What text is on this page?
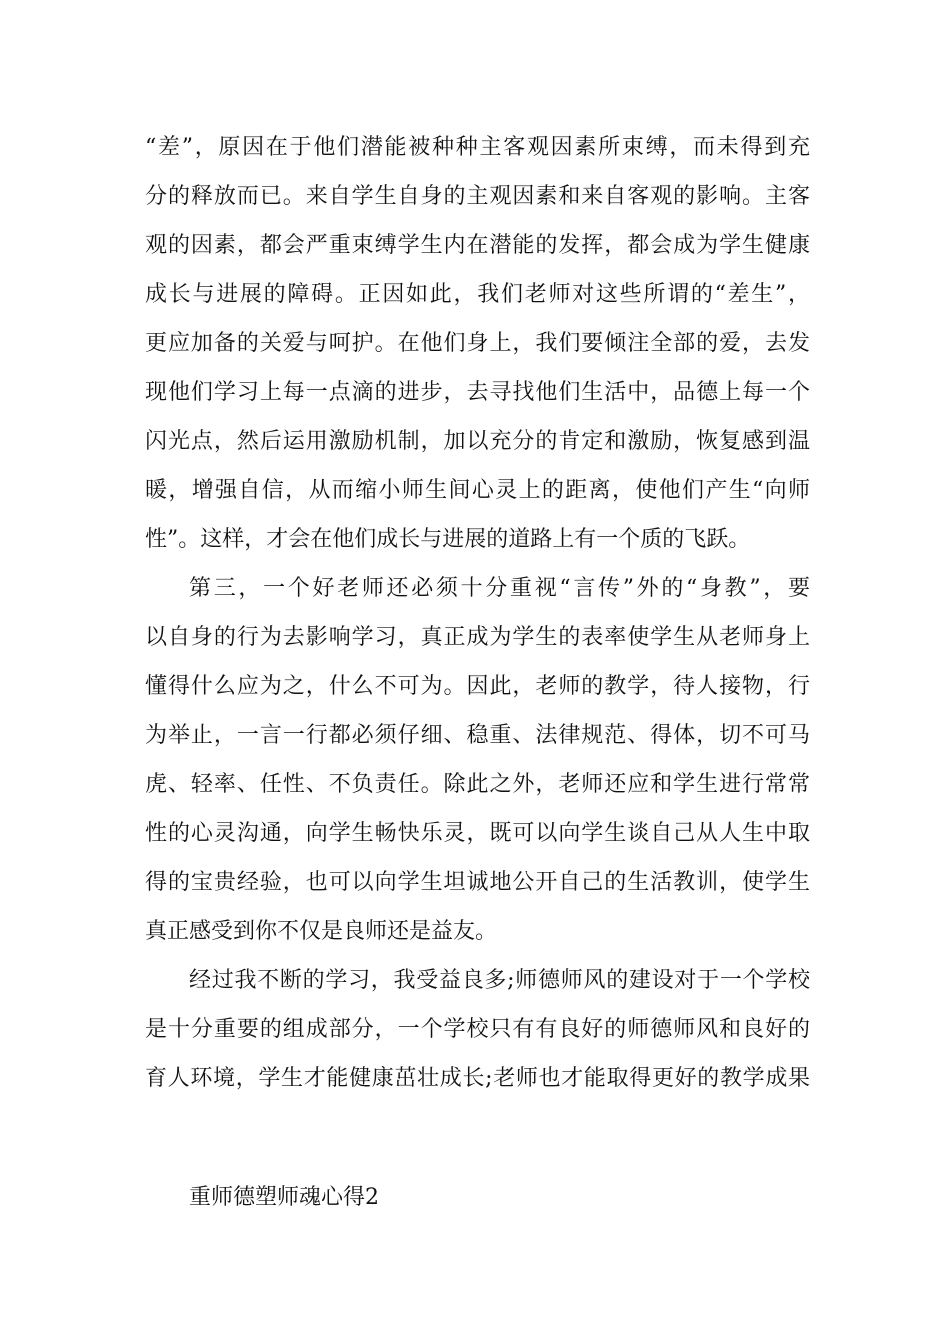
“差”，原因在于他们潜能被种种主客观因素所束缚，而未得到充
分的释放而已。来自学生自身的主观因素和来自客观的影响。主客
观的因素，都会严重束缚学生内在潜能的发挥，都会成为学生健康
成长与进展的障碍。正因如此，我们老师对这些所谓的“差生”，
更应加备的关爱与呵护。在他们身上，我们要倾注全部的爱，去发
现他们学习上每一点滴的进步，去寻找他们生活中，品德上每一个
闪光点，然后运用激励机制，加以充分的肯定和激励，恢复感到温
暖，增强自信，从而缩小师生间心灵上的距离，使他们产生“向师
性”。这样，才会在他们成长与进展的道路上有一个质的飞跃。
第三，一个好老师还必须十分重视“言传”外的“身教”，要
以自身的行为去影响学习，真正成为学生的表率使学生从老师身上
懂得什么应为之，什么不可为。因此，老师的教学，待人接物，行
为举止，一言一行都必须仔细、稳重、法律规范、得体，切不可马
虎、轻率、任性、不负责任。除此之外，老师还应和学生进行常常
性的心灵沟通，向学生畅快乐灵，既可以向学生谈自己从人生中取
得的宝贵经验，也可以向学生坦诚地公开自己的生活教训，使学生
真正感受到你不仅是良师还是益友。
经过我不断的学习，我受益良多;师德师风的建设对于一个学校
是十分重要的组成部分，一个学校只有有良好的师德师风和良好的
育人环境，学生才能健康茁壮成长;老师也才能取得更好的教学成果
重师德塑师魂心得2
